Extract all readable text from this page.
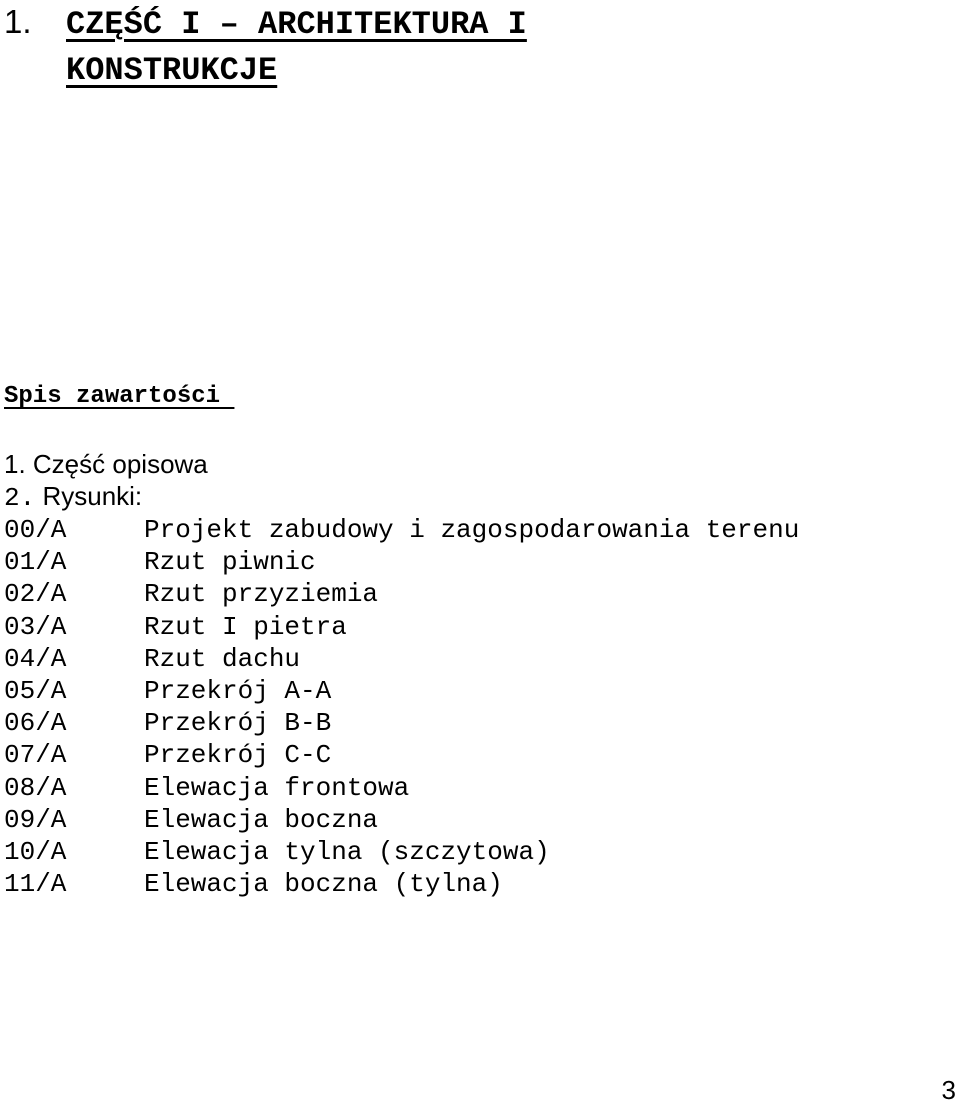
1. CZĘŚĆ I – ARCHITEKTURA I KONSTRUKCJE
Spis zawartości
1. Część opisowa
2. Rysunki:
00/A	Projekt zabudowy i zagospodarowania terenu
01/A	Rzut piwnic
02/A	Rzut przyziemia
03/A	Rzut I pietra
04/A	Rzut dachu
05/A	Przekrój A-A
06/A	Przekrój B-B
07/A	Przekrój C-C
08/A	Elewacja frontowa
09/A	Elewacja boczna
10/A	Elewacja tylna (szczytowa)
11/A	Elewacja boczna (tylna)
3
